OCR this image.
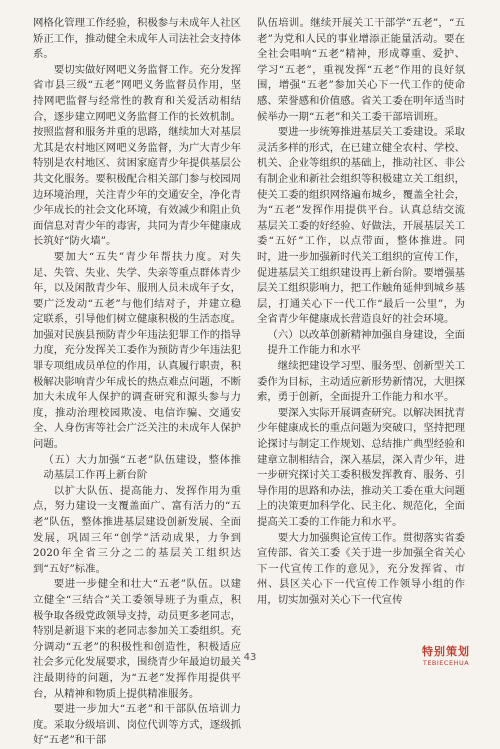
网格化管理工作经验，积极参与未成年人社区矫正工作，推动健全未成年人司法社会支持体系。

要切实做好网吧义务监督工作。充分发挥省市县三级“五老”网吧义务监督员作用，坚持网吧监督与经常性的教育和关爱活动相结合，逐步建立网吧义务监督工作的长效机制。按照监督和服务并重的思路，继续加大对基层尤其是农村地区网吧义务监督，为广大青少年特别是农村地区、贫困家庭青少年提供基层公共文化服务。要积极配合相关部门参与校园周边环境治理，关注青少年的交通安全，净化青少年成长的社会文化环境，有效减少和阻止负面信息对青少年的毒害，共同为青少年健康成长筑好“防火墙”。

要加大“五失”青少年帮扶力度。对失足、失管、失业、失学、失亲等重点群体青少年，以及闲散青少年、服刑人员未成年子女，要广泛发动“五老”与他们结对子，并建立稳定联系，引导他们树立健康积极的生活态度。加强对民族县预防青少年违法犯罪工作的指导力度，充分发挥关工委作为预防青少年违法犯罪专项组成员单位的作用，认真履行职责，积极解决影响青少年成长的热点难点问题，不断加大未成年人保护的调查研究和源头参与力度，推动治理校园欺凌、电信诈骗、交通安全、人身伤害等社会广泛关注的未成年人保护问题。

（五）大力加强“五老”队伍建设，整体推动基层工作再上新台阶

以扩大队伍、提高能力、发挥作用为重点，努力建设一支覆盖面广、富有活力的“五老”队伍，整体推进基层建设创新发展、全面发展，巩固三年“创学”活动成果，力争到2020年全省三分之二的基层关工组织达到“五好”标准。

要进一步健全和壮大“五老”队伍。以建立健全“三结合”关工委领导班子为重点，积极争取各级党政领导支持，动员更多老同志，特别是新退下来的老同志参加关工委组织。充分调动“五老”的积极性和创造性，积极适应社会多元化发展要求，围绕青少年最迫切最关注最期待的问题，为“五老”发挥作用提供平台，从精神和物质上提供精准服务。

要进一步加大“五老”和干部队伍培训力度。采取分级培训、岗位代训等方式，逐级抓好“五老”和干部

队伍培训。继续开展关工干部学“五老”，“五老”为党和人民的事业增添正能量活动。要在全社会唱响“五老”精神，形成尊重、爱护、学习“五老”，重视发挥“五老”作用的良好氛围，增强“五老”参加关心下一代工作的使命感、荣誉感和价值感。省关工委在明年适当时候举办一期“五老”和关工委干部培训班。

要进一步统筹推进基层关工委建设。采取灵活多样的形式，在已建立健全农村、学校、机关、企业等组织的基础上，推动社区、非公有制企业和新社会组织等积极建立关工组织，使关工委的组织网络遍布城乡，覆盖全社会，为“五老”发挥作用提供平台。认真总结交流基层关工委的好经验、好做法，开展基层关工委“五好”工作，以点带面，整体推进。同时，进一步加强新时代关工组织的宣传工作，促进基层关工组织建设再上新台阶。要增强基层关工组织影响力，把工作触角延伸到城乡基层，打通关心下一代工作“最后一公里”，为全省青少年健康成长营造良好的社会环境。

（六）以改革创新精神加强自身建设，全面提升工作能力和水平

继续把建设学习型、服务型、创新型关工委作为目标，主动适应新形势新情况，大胆探索，勇于创新，全面提升工作能力和水平。

要深入实际开展调查研究。以解决困扰青少年健康成长的重点问题为突破口，坚持把理论探讨与制定工作规划、总结推广典型经验和建章立制相结合，深入基层，深入青少年，进一步研究探讨关工委积极发挥教育、服务、引导作用的思路和办法，推动关工委在重大问题上的决策更加科学化、民主化、规范化，全面提高关工委的工作能力和水平。

要大力加强舆论宣传工作。贯彻落实省委宣传部、省关工委《关于进一步加强全省关心下一代宣传工作的意见》，充分发挥省、市州、县区关心下一代宣传工作领导小组的作用，切实加强对关心下一代宣传

43	特别策划
TEBIECEHUA
